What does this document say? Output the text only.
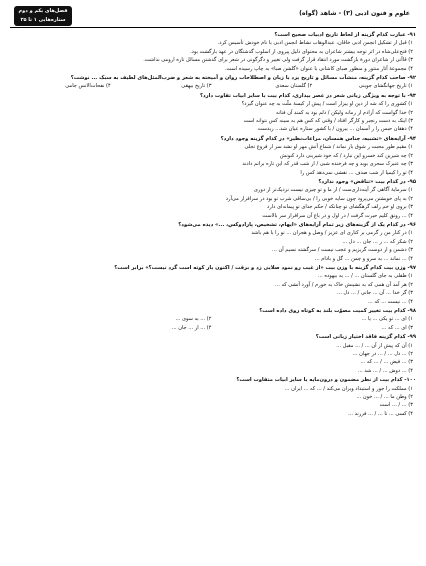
علوم و فنون ادبی (۳) - شاهد (گواه)
قصل‌های یکم و دوم
ستاره‌هایی ۱ تا ۳۵
۹۱- عبارت کدام گزینه از لحاظ تاریخ ادبیات صحیح است؟
۱) قبل از تشکیل انجمن ادبی خاقان، عبدالوهاب نشاط انجمن ادبی با نام خودش تأسیس کرد.
۲) فتح‌علی‌شاه در اثر توجه بیشتر شاعران به محتوای دلیل پیروی از اسلوب گذشتگان در عهد بازگشت بود.
۳) قاآنی از شاعران دورهٔ بازگشت مورد انتقاد قرار گرفت ولی تغییر و دگرگونی در شعر برای گذشتن مسائل تازه ارومی نداشت.
۴) مجموعهٔ آثار منثور و منظور صبای کاشانی با عنوان «گلشن صبا» به چاپ رسیده است.
۹۲- صاحب کدام گزینه، منشآت مسائل و تاریخ یزد با زبان و اصطلاحات روان و آمیخته به شعر و ضرب‌المثل‌های لطیف به سبک ... نوشت؟
۱) تاریخ جهانگشای جوینی
۲) گلستان سعدی
۳) تاریخ بیهقی
۴) نفحات‌الانس جامی
۹۳- با توجه به ویژگی زبانی شعر در عصر بیداری، کدام بیت با سایر ابیات تفاوت دارد؟
۱) کشوری را که شه از دین او بیزار است / پیش از کیسهٔ ملّت به چه عنوان گیرد؟
۲) خدا گواست که آزادم از زمانه ولیکن / دلم بود به کمند آن فتانه
۳) اینک به دست رنجبر و کارگر افتاد / وقتی که کس هم به سینه کس نتوانه است
۴) دهقان حبس را ز آسمان ... بیرون / با کشور ستاره عیان شد... زیدست
۹۴- آرایه‌های «تشبیه، جناس همسان، مراعات‌نظیر» در کدام گزینه وجود دارد؟
۱) مقیم طور محبت ز شوق باز نماند / شماع آتش مهر او نشد سر از فروغ تجلی
۲) چه شیرین کند خسرو این نبارد / که خود شیرینی دارد کنونش
۳) چه عنبرک سحری بوید و چه فرخنده شبی / از شب قدر که این تازه براتم دادند
۴) تو را کیمیا از شب صدف ... نقشی نمی‌دهد کس را
۹۵- در کدام بیت «تناقض» وجود ندارد؟
۱) سرمایهٔ آگاهی گر آینه‌داری‌ست / از ما و تو چیزی نیست نزدیک‌تر از دوری
۲) به پای خویشتن می‌پرود چون سایه خوبی را / بی‌ساقی شرب تو بود در سرافراز می‌آرد
۳) بروی او خم زلف گرهگشای تو چنانکه / حکم جدای تو پیمانه‌ای دارد
۴) ... رونق کلیم حیرت گرفت / در اول و در باغ آن سرافراز سر بالاست
۹۶- در کدام یک از گزینه‌های زیر تمام آرایه‌های «ایهام، تشخیص، پارادوکس، ...» دیده می‌شود؟
۱) در کنار من ز گرمی بر کناری ای عزیز / وصل و هجران ... تو را با هم باشد
۲) شکر که ... ز ... جان ... دل ...
۳) دشمن و از دوست گریزیم و عجب نیست / سرگشته نسیم آن ...
۴) ... نماند ... به سرو و چمن ... گل و بادام ...
۹۷- وزن بیت کدام گزینه با وزن بیت «از غیب رو نمود صلایی زد و برفت / اکنون یار کوته است گرد نیست؟» برابر است؟
۱) طفلی به جای گلستان ... / ... به بیهوده ...
۲) هر آمد آن همی که به نشینش خاک به خورم / آورد آتشی که ...
۳) گر خدا ... آن ... جانی / ... دل ...
۴) ... نیست ... که ...
۹۸- کدام بیت تغییر کمیت مصوّت بلند به کوتاه روی داده است؟
۱) ای ... تو یکی ... یا ...
۲) ... به سوی ...
۳) ای ... که ...
۴) ... از ... جان ...
۹۹- کدام گزینه فاقد اختیار زبانی است؟
۱) آن که پیش از آن ... / ... مقبل ...
۲) ... دل ... / ... در جهان ...
۳) ... فیض ... / ... که ...
۴) ... دوش ... / ... شد ...
۱۰۰- کدام بیت از نظر مضمون و درون‌مایه با سایر ابیات متفاوت است؟
۱) مملکت را جور و استبداد ویران می‌کند / ... که ... ایران ...
۲) وطن ما ... / ... خون ...
۳) ... / ... است
۴) کسی ... تا ... / ... فرزند ...
